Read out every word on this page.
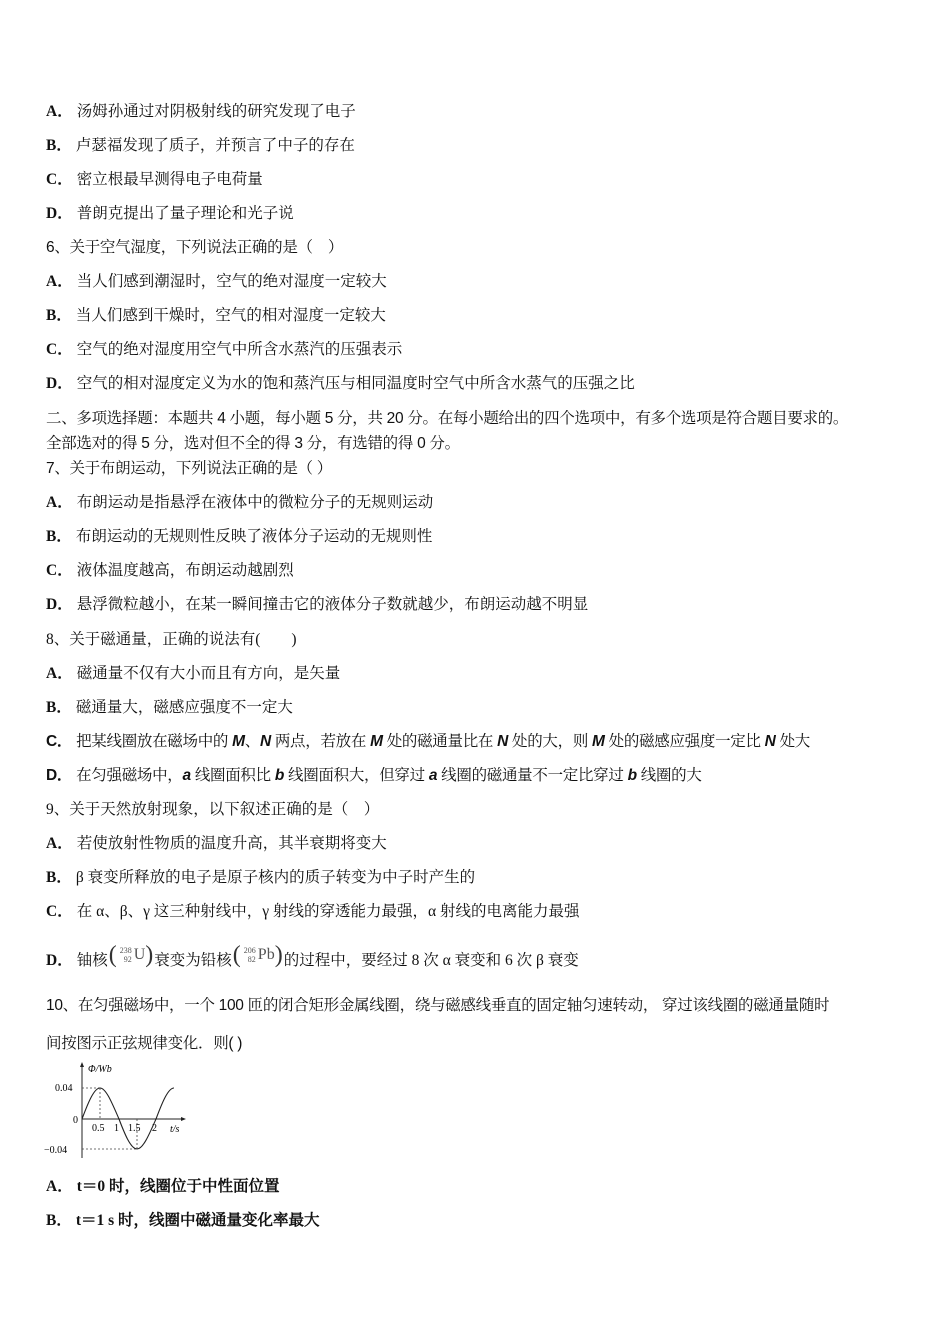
A． 汤姆孙通过对阴极射线的研究发现了电子
B． 卢瑟福发现了质子，并预言了中子的存在
C． 密立根最早测得电子电荷量
D． 普朗克提出了量子理论和光子说
6、关于空气湿度，下列说法正确的是（　）
A． 当人们感到潮湿时，空气的绝对湿度一定较大
B． 当人们感到干燥时，空气的相对湿度一定较大
C． 空气的绝对湿度用空气中所含水蒸汽的压强表示
D． 空气的相对湿度定义为水的饱和蒸汽压与相同温度时空气中所含水蒸气的压强之比
二、多项选择题：本题共 4 小题，每小题 5 分，共 20 分。在每小题给出的四个选项中，有多个选项是符合题目要求的。
全部选对的得 5 分，选对但不全的得 3 分，有选错的得 0 分。
7、关于布朗运动，下列说法正确的是（ ）
A． 布朗运动是指悬浮在液体中的微粒分子的无规则运动
B． 布朗运动的无规则性反映了液体分子运动的无规则性
C． 液体温度越高，布朗运动越剧烈
D． 悬浮微粒越小，在某一瞬间撞击它的液体分子数就越少，布朗运动越不明显
8、关于磁通量，正确的说法有(　　)
A． 磁通量不仅有大小而且有方向，是矢量
B． 磁通量大，磁感应强度不一定大
C． 把某线圈放在磁场中的 M、N 两点，若放在 M 处的磁通量比在 N 处的大，则 M 处的磁感应强度一定比 N 处大
D． 在匀强磁场中，a 线圈面积比 b 线圈面积大，但穿过 a 线圈的磁通量不一定比穿过 b 线圈的大
9、关于天然放射现象，以下叙述正确的是（　）
A． 若使放射性物质的温度升高，其半衰期将变大
B． β 衰变所释放的电子是原子核内的质子转变为中子时产生的
C． 在 α、β、γ 这三种射线中，γ 射线的穿透能力最强，α 射线的电离能力最强
D． 铀核 ( 238
92 U ) 衰变为铅核 ( 206
82 Pb ) 的过程中，要经过 8 次 α 衰变和 6 次 β 衰变
10、在匀强磁场中，一个 100 匝的闭合矩形金属线圈，绕与磁感线垂直的固定轴匀速转动， 穿过该线圈的磁通量随时
间按图示正弦规律变化．则( )
Φ/Wb
0.04
0
−0.04
0.5 1 1.5 2 t/s
A． t＝0 时，线圈位于中性面位置
B． t＝1 s 时，线圈中磁通量变化率最大
